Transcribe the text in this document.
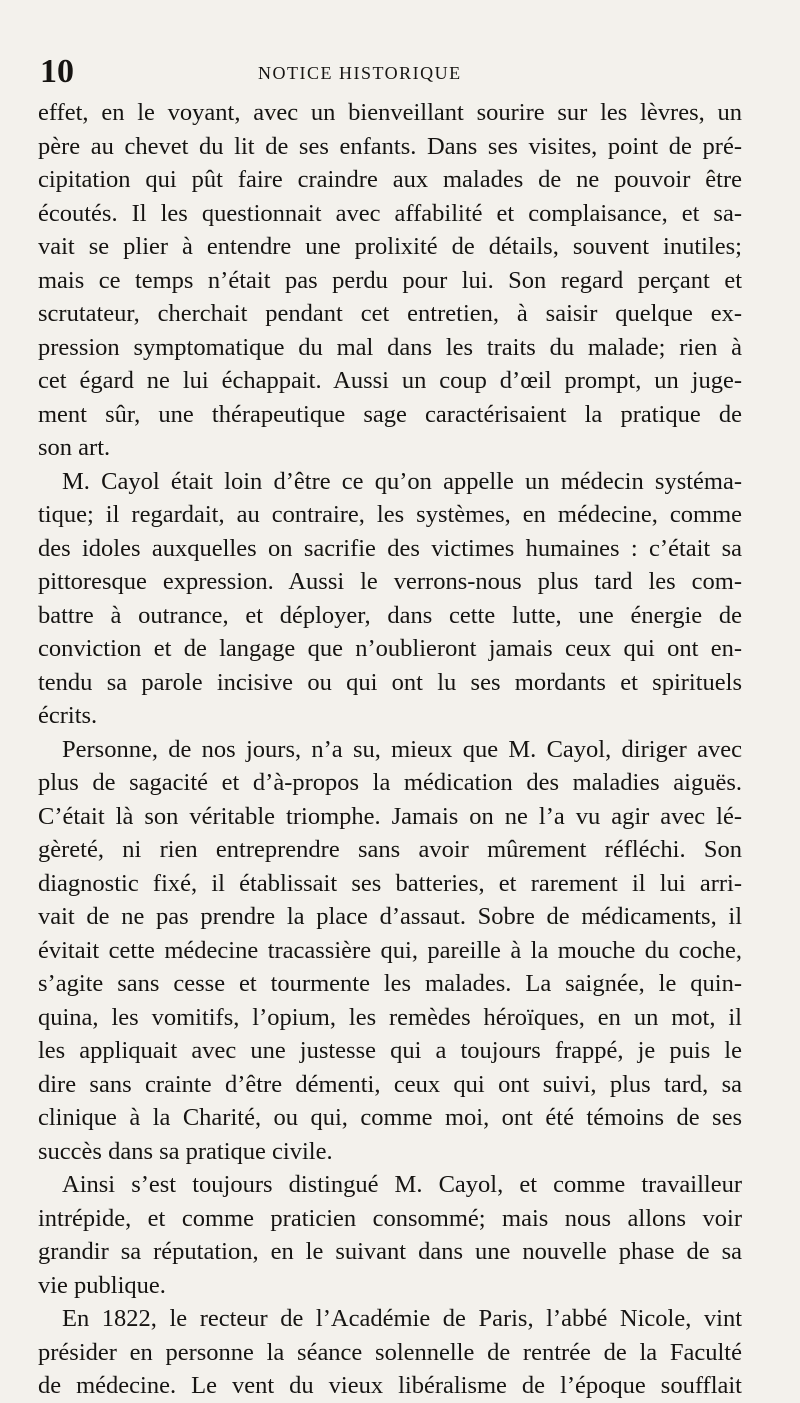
10	NOTICE HISTORIQUE

effet, en le voyant, avec un bienveillant sourire sur les lèvres, un
père au chevet du lit de ses enfants. Dans ses visites, point de pré-
cipitation qui pût faire craindre aux malades de ne pouvoir être
écoutés. Il les questionnait avec affabilité et complaisance, et sa-
vait se plier à entendre une prolixité de détails, souvent inutiles;
mais ce temps n’était pas perdu pour lui. Son regard perçant et
scrutateur, cherchait pendant cet entretien, à saisir quelque ex-
pression symptomatique du mal dans les traits du malade; rien à
cet égard ne lui échappait. Aussi un coup d’œil prompt, un juge-
ment sûr, une thérapeutique sage caractérisaient la pratique de
son art.

M. Cayol était loin d’être ce qu’on appelle un médecin systéma-
tique; il regardait, au contraire, les systèmes, en médecine, comme
des idoles auxquelles on sacrifie des victimes humaines : c’était sa
pittoresque expression. Aussi le verrons-nous plus tard les com-
battre à outrance, et déployer, dans cette lutte, une énergie de
conviction et de langage que n’oublieront jamais ceux qui ont en-
tendu sa parole incisive ou qui ont lu ses mordants et spirituels
écrits.

Personne, de nos jours, n’a su, mieux que M. Cayol, diriger avec
plus de sagacité et d’à-propos la médication des maladies aiguës.
C’était là son véritable triomphe. Jamais on ne l’a vu agir avec lé-
gèreté, ni rien entreprendre sans avoir mûrement réfléchi. Son
diagnostic fixé, il établissait ses batteries, et rarement il lui arri-
vait de ne pas prendre la place d’assaut. Sobre de médicaments, il
évitait cette médecine tracassière qui, pareille à la mouche du coche,
s’agite sans cesse et tourmente les malades. La saignée, le quin-
quina, les vomitifs, l’opium, les remèdes héroïques, en un mot, il
les appliquait avec une justesse qui a toujours frappé, je puis le
dire sans crainte d’être démenti, ceux qui ont suivi, plus tard, sa
clinique à la Charité, ou qui, comme moi, ont été témoins de ses
succès dans sa pratique civile.

Ainsi s’est toujours distingué M. Cayol, et comme travailleur
intrépide, et comme praticien consommé; mais nous allons voir
grandir sa réputation, en le suivant dans une nouvelle phase de sa
vie publique.

En 1822, le recteur de l’Académie de Paris, l’abbé Nicole, vint
présider en personne la séance solennelle de rentrée de la Faculté
de médecine. Le vent du vieux libéralisme de l’époque soufflait
